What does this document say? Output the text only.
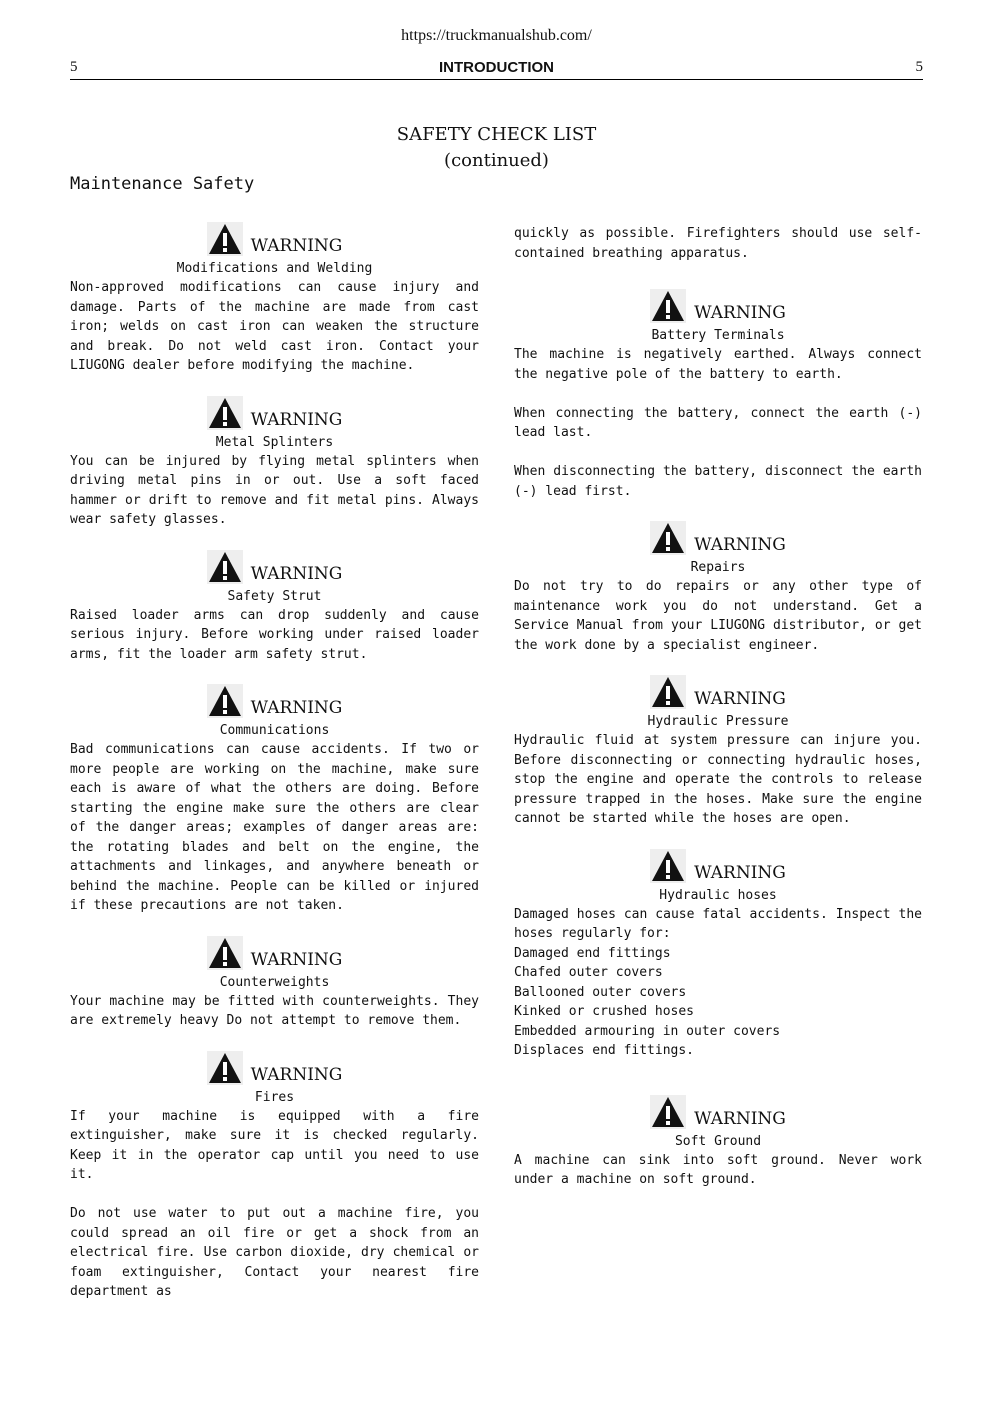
https://truckmanualshub.com/
5	INTRODUCTION	5
SAFETY CHECK LIST
(continued)
Maintenance Safety
WARNING
Modifications and Welding

Non-approved modifications can cause injury and damage. Parts of the machine are made from cast iron; welds on cast iron can weaken the structure and break. Do not weld cast iron. Contact your LIUGONG dealer before modifying the machine.

WARNING
Metal Splinters

You can be injured by flying metal splinters when driving metal pins in or out. Use a soft faced hammer or drift to remove and fit metal pins. Always wear safety glasses.

WARNING
Safety Strut

Raised loader arms can drop suddenly and cause serious injury. Before working under raised loader arms, fit the loader arm safety strut.

WARNING
Communications

Bad communications can cause accidents. If two or more people are working on the machine, make sure each is aware of what the others are doing. Before starting the engine make sure the others are clear of the danger areas; examples of danger areas are: the rotating blades and belt on the engine, the attachments and linkages, and anywhere beneath or behind the machine. People can be killed or injured if these precautions are not taken.

WARNING
Counterweights

Your machine may be fitted with counterweights. They are extremely heavy Do not attempt to remove them.

WARNING
Fires

If your machine is equipped with a fire extinguisher, make sure it is checked regularly. Keep it in the operator cap until you need to use it.

Do not use water to put out a machine fire, you could spread an oil fire or get a shock from an electrical fire. Use carbon dioxide, dry chemical or foam extinguisher, Contact your nearest fire department as

quickly as possible. Firefighters should use self-contained breathing apparatus.

WARNING
Battery Terminals

The machine is negatively earthed. Always connect the negative pole of the battery to earth.

When connecting the battery, connect the earth (-) lead last.

When disconnecting the battery, disconnect the earth (-) lead first.

WARNING
Repairs

Do not try to do repairs or any other type of maintenance work you do not understand. Get a Service Manual from your LIUGONG distributor, or get the work done by a specialist engineer.

WARNING
Hydraulic Pressure

Hydraulic fluid at system pressure can injure you. Before disconnecting or connecting hydraulic hoses, stop the engine and operate the controls to release pressure trapped in the hoses. Make sure the engine cannot be started while the hoses are open.

WARNING
Hydraulic hoses

Damaged hoses can cause fatal accidents. Inspect the hoses regularly for:

Damaged end fittings

Chafed outer covers

Ballooned outer covers

Kinked or crushed hoses

Embedded armouring in outer covers

Displaces end fittings.

WARNING
Soft Ground

A machine can sink into soft ground. Never work under a machine on soft ground.
